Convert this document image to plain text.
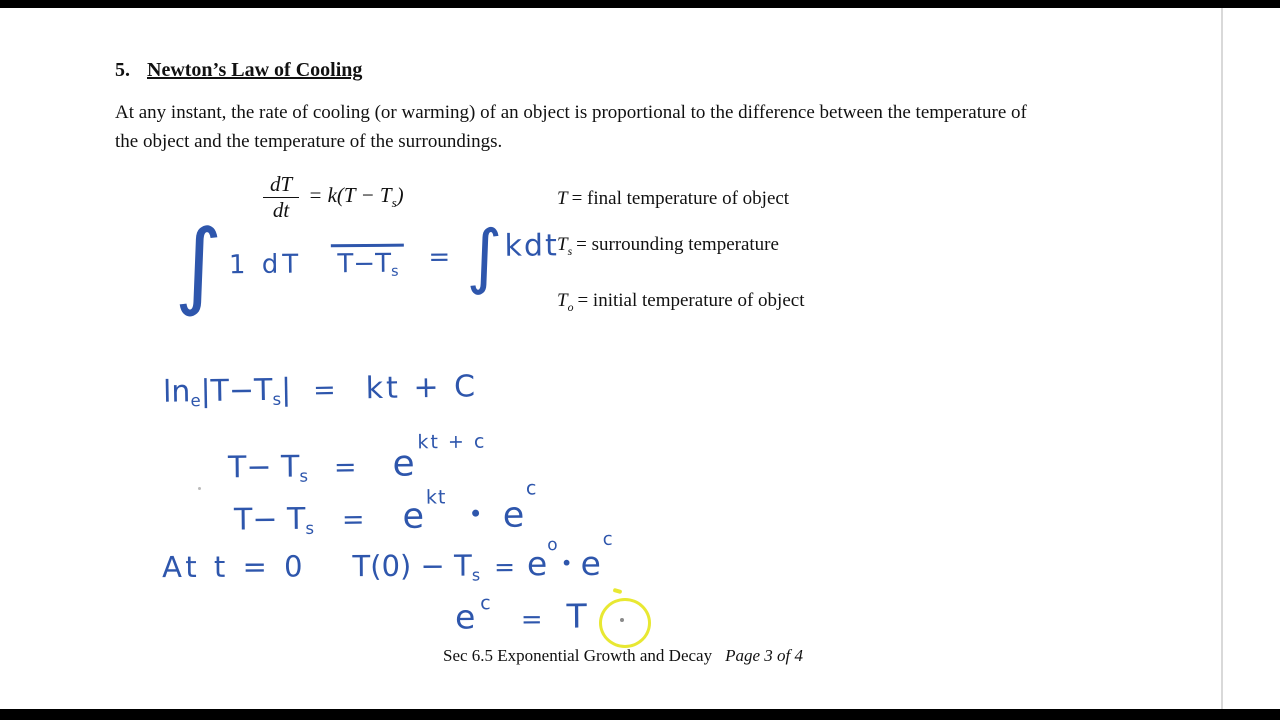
5. Newton’s Law of Cooling

At any instant, the rate of cooling (or warming) of an object is proportional to the difference between the temperature of the object and the temperature of the surroundings.

$\frac{dT}{dt} = k(T - T_s)$	T = final temperature of object
$T_s$ = surrounding temperature
$T_o$ = initial temperature of object
∫ 1 dT T−Ts = ∫ kdt
lne|T−Ts| = kt + C
$T- Ts = e^{kt + c}$
$T- Ts = e^{kt}•$ $e^c$
At t = 0 $T(0) - Ts = e^o•$ $e^c$
e $^c$= T
Sec 6.5 Exponential Growth and Decay Page 3 of 4
